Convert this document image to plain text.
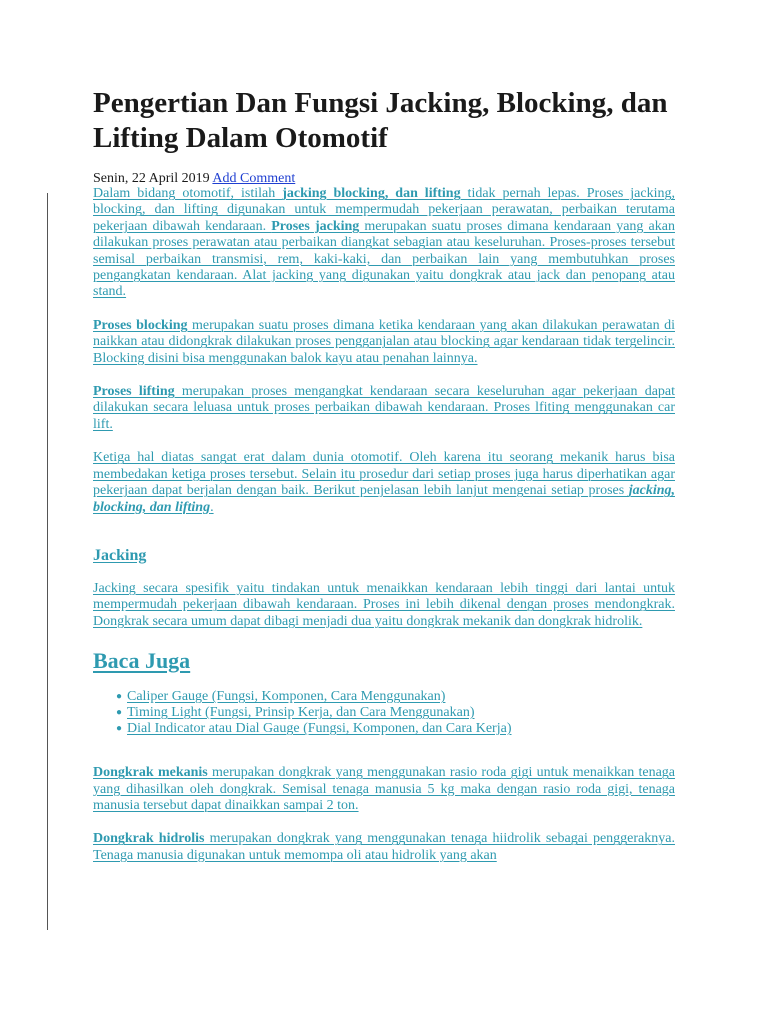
Pengertian Dan Fungsi Jacking, Blocking, dan Lifting Dalam Otomotif
Senin, 22 April 2019 Add Comment

Dalam bidang otomotif, istilah jacking blocking, dan lifting tidak pernah lepas. Proses jacking, blocking, dan lifting digunakan untuk mempermudah pekerjaan perawatan, perbaikan terutama pekerjaan dibawah kendaraan. Proses jacking merupakan suatu proses dimana kendaraan yang akan dilakukan proses perawatan atau perbaikan diangkat sebagian atau keseluruhan. Proses-proses tersebut semisal perbaikan transmisi, rem, kaki-kaki, dan perbaikan lain yang membutuhkan proses pengangkatan kendaraan. Alat jacking yang digunakan yaitu dongkrak atau jack dan penopang atau stand.

Proses blocking merupakan suatu proses dimana ketika kendaraan yang akan dilakukan perawatan di naikkan atau didongkrak dilakukan proses pengganjalan atau blocking agar kendaraan tidak tergelincir. Blocking disini bisa menggunakan balok kayu atau penahan lainnya.

Proses lifting merupakan proses mengangkat kendaraan secara keseluruhan agar pekerjaan dapat dilakukan secara leluasa untuk proses perbaikan dibawah kendaraan. Proses lfiting menggunakan car lift.

Ketiga hal diatas sangat erat dalam dunia otomotif. Oleh karena itu seorang mekanik harus bisa membedakan ketiga proses tersebut. Selain itu prosedur dari setiap proses juga harus diperhatikan agar pekerjaan dapat berjalan dengan baik. Berikut penjelasan lebih lanjut mengenai setiap proses jacking, blocking, dan lifting.

Jacking

Jacking secara spesifik yaitu tindakan untuk menaikkan kendaraan lebih tinggi dari lantai untuk mempermudah pekerjaan dibawah kendaraan. Proses ini lebih dikenal dengan proses mendongkrak. Dongkrak secara umum dapat dibagi menjadi dua yaitu dongkrak mekanik dan dongkrak hidrolik.

Baca Juga
● Caliper Gauge (Fungsi, Komponen, Cara Menggunakan)
● Timing Light (Fungsi, Prinsip Kerja, dan Cara Menggunakan)
● Dial Indicator atau Dial Gauge (Fungsi, Komponen, dan Cara Kerja)

Dongkrak mekanis merupakan dongkrak yang menggunakan rasio roda gigi untuk menaikkan tenaga yang dihasilkan oleh dongkrak. Semisal tenaga manusia 5 kg maka dengan rasio roda gigi, tenaga manusia tersebut dapat dinaikkan sampai 2 ton.

Dongkrak hidrolis merupakan dongkrak yang menggunakan tenaga hiidrolik sebagai penggeraknya. Tenaga manusia digunakan untuk memompa oli atau hidrolik yang akan
